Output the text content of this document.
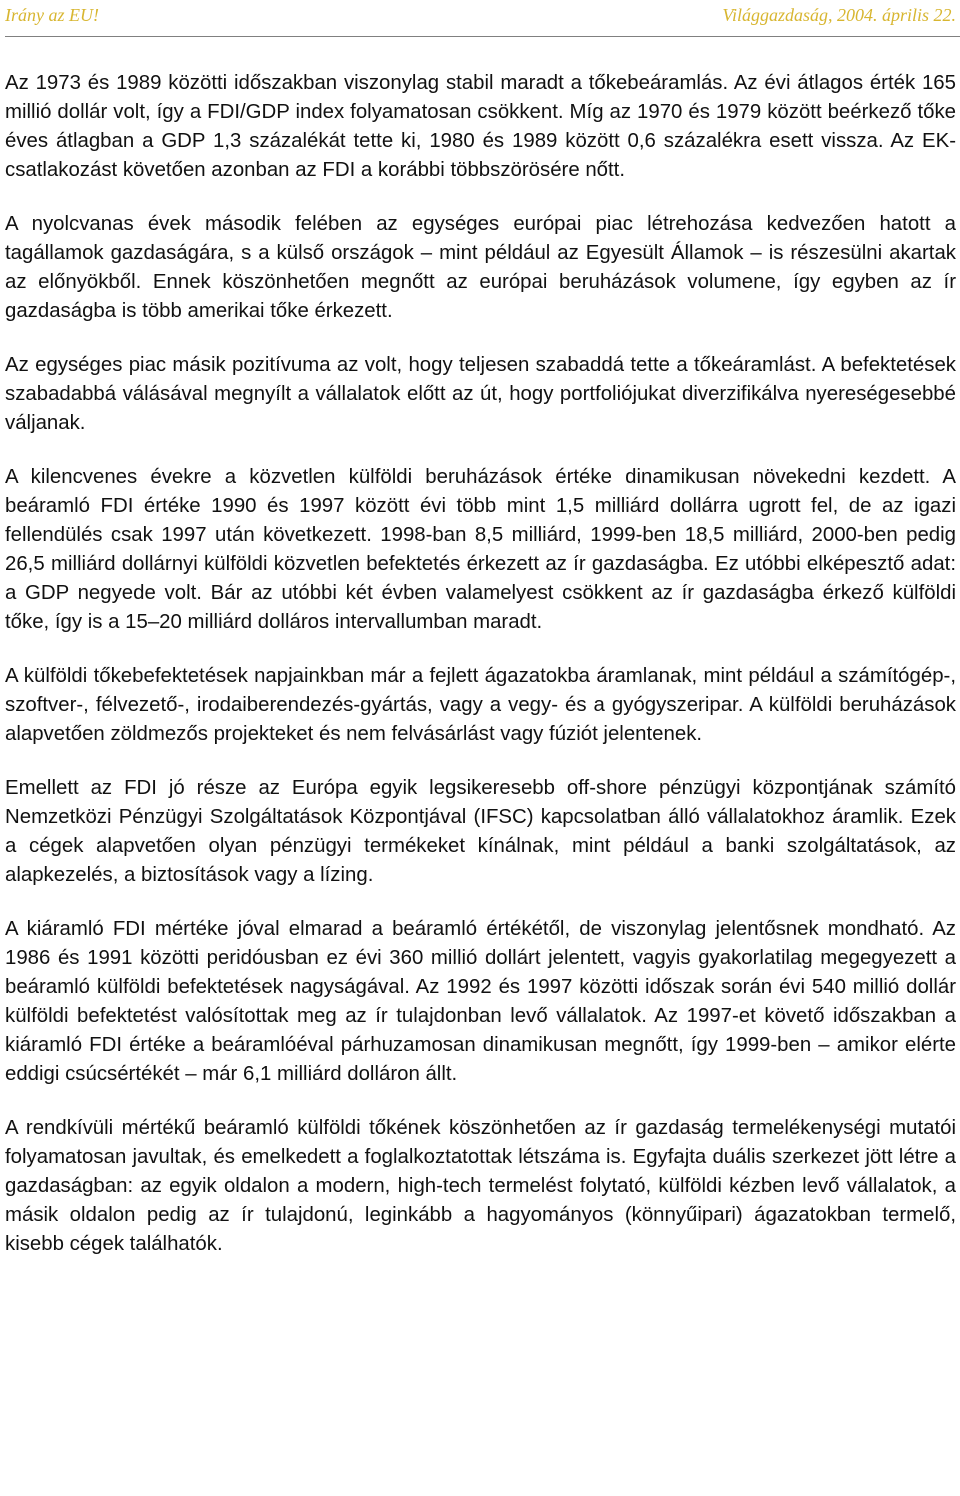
Irány az EU!	Világgazdaság, 2004. április 22.

Az 1973 és 1989 közötti időszakban viszonylag stabil maradt a tőkebeáramlás. Az évi átlagos érték 165 millió dollár volt, így a FDI/GDP index folyamatosan csökkent. Míg az 1970 és 1979 között beérkező tőke éves átlagban a GDP 1,3 százalékát tette ki, 1980 és 1989 között 0,6 százalékra esett vissza. Az EK-csatlakozást követően azonban az FDI a korábbi többszörösére nőtt.

A nyolcvanas évek második felében az egységes európai piac létrehozása kedvezően hatott a tagállamok gazdaságára, s a külső országok – mint például az Egyesült Államok – is részesülni akartak az előnyökből. Ennek köszönhetően megnőtt az európai beruházások volumene, így egyben az ír gazdaságba is több amerikai tőke érkezett.

Az egységes piac másik pozitívuma az volt, hogy teljesen szabaddá tette a tőkeáramlást. A befektetések szabadabbá válásával megnyílt a vállalatok előtt az út, hogy portfoliójukat diverzifikálva nyereségesebbé váljanak.

A kilencvenes évekre a közvetlen külföldi beruházások értéke dinamikusan növekedni kezdett. A beáramló FDI értéke 1990 és 1997 között évi több mint 1,5 milliárd dollárra ugrott fel, de az igazi fellendülés csak 1997 után következett. 1998-ban 8,5 milliárd, 1999-ben 18,5 milliárd, 2000-ben pedig 26,5 milliárd dollárnyi külföldi közvetlen befektetés érkezett az ír gazdaságba. Ez utóbbi elképesztő adat: a GDP negyede volt. Bár az utóbbi két évben valamelyest csökkent az ír gazdaságba érkező külföldi tőke, így is a 15–20 milliárd dolláros intervallumban maradt.

A külföldi tőkebefektetések napjainkban már a fejlett ágazatokba áramlanak, mint például a számítógép-, szoftver-, félvezető-, irodaiberendezés-gyártás, vagy a vegy- és a gyógyszeripar. A külföldi beruházások alapvetően zöldmezős projekteket és nem felvásárlást vagy fúziót jelentenek.

Emellett az FDI jó része az Európa egyik legsikeresebb off-shore pénzügyi központjának számító Nemzetközi Pénzügyi Szolgáltatások Központjával (IFSC) kapcsolatban álló vállalatokhoz áramlik. Ezek a cégek alapvetően olyan pénzügyi termékeket kínálnak, mint például a banki szolgáltatások, az alapkezelés, a biztosítások vagy a lízing.

A kiáramló FDI mértéke jóval elmarad a beáramló értékétől, de viszonylag jelentősnek mondható. Az 1986 és 1991 közötti peridóusban ez évi 360 millió dollárt jelentett, vagyis gyakorlatilag megegyezett a beáramló külföldi befektetések nagyságával. Az 1992 és 1997 közötti időszak során évi 540 millió dollár külföldi befektetést valósítottak meg az ír tulajdonban levő vállalatok. Az 1997-et követő időszakban a kiáramló FDI értéke a beáramlóéval párhuzamosan dinamikusan megnőtt, így 1999-ben – amikor elérte eddigi csúcsértékét – már 6,1 milliárd dolláron állt.

A rendkívüli mértékű beáramló külföldi tőkének köszönhetően az ír gazdaság termelékenységi mutatói folyamatosan javultak, és emelkedett a foglalkoztatottak létszáma is. Egyfajta duális szerkezet jött létre a gazdaságban: az egyik oldalon a modern, high-tech termelést folytató, külföldi kézben levő vállalatok, a másik oldalon pedig az ír tulajdonú, leginkább a hagyományos (könnyűipari) ágazatokban termelő, kisebb cégek találhatók.
